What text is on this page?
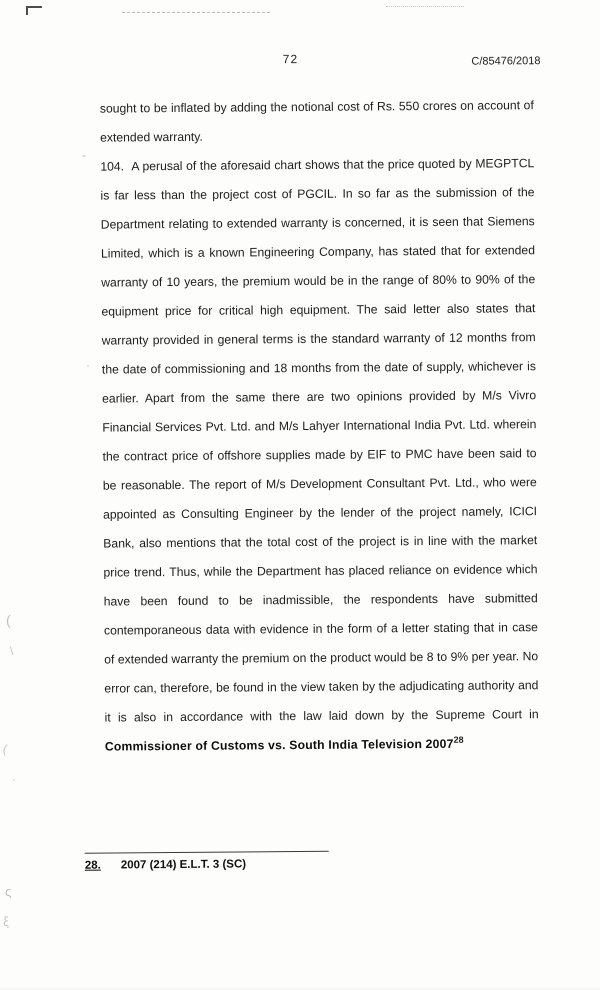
-
·
(
\
(
·
ς
ξ
72	C/85476/2018

sought to be inflated by adding the notional cost of Rs. 550 crores on account of extended warranty.

104.  A perusal of the aforesaid chart shows that the price quoted by MEGPTCL is far less than the project cost of PGCIL. In so far as the submission of the Department relating to extended warranty is concerned, it is seen that Siemens Limited, which is a known Engineering Company, has stated that for extended warranty of 10 years, the premium would be in the range of 80% to 90% of the equipment price for critical high equipment. The said letter also states that warranty provided in general terms is the standard warranty of 12 months from the date of commissioning and 18 months from the date of supply, whichever is earlier. Apart from the same there are two opinions provided by M/s Vivro Financial Services Pvt. Ltd. and M/s Lahyer International India Pvt. Ltd. wherein the contract price of offshore supplies made by EIF to PMC have been said to be reasonable. The report of M/s Development Consultant Pvt. Ltd., who were appointed as Consulting Engineer by the lender of the project namely, ICICI Bank, also mentions that the total cost of the project is in line with the market price trend. Thus, while the Department has placed reliance on evidence which have been found to be inadmissible, the respondents have submitted contemporaneous data with evidence in the form of a letter stating that in case of extended warranty the premium on the product would be 8 to 9% per year. No error can, therefore, be found in the view taken by the adjudicating authority and it is also in accordance with the law laid down by the Supreme Court in Commissioner of Customs vs. South India Television 2007$^{28}$

28. 2007 (214) E.L.T. 3 (SC)
